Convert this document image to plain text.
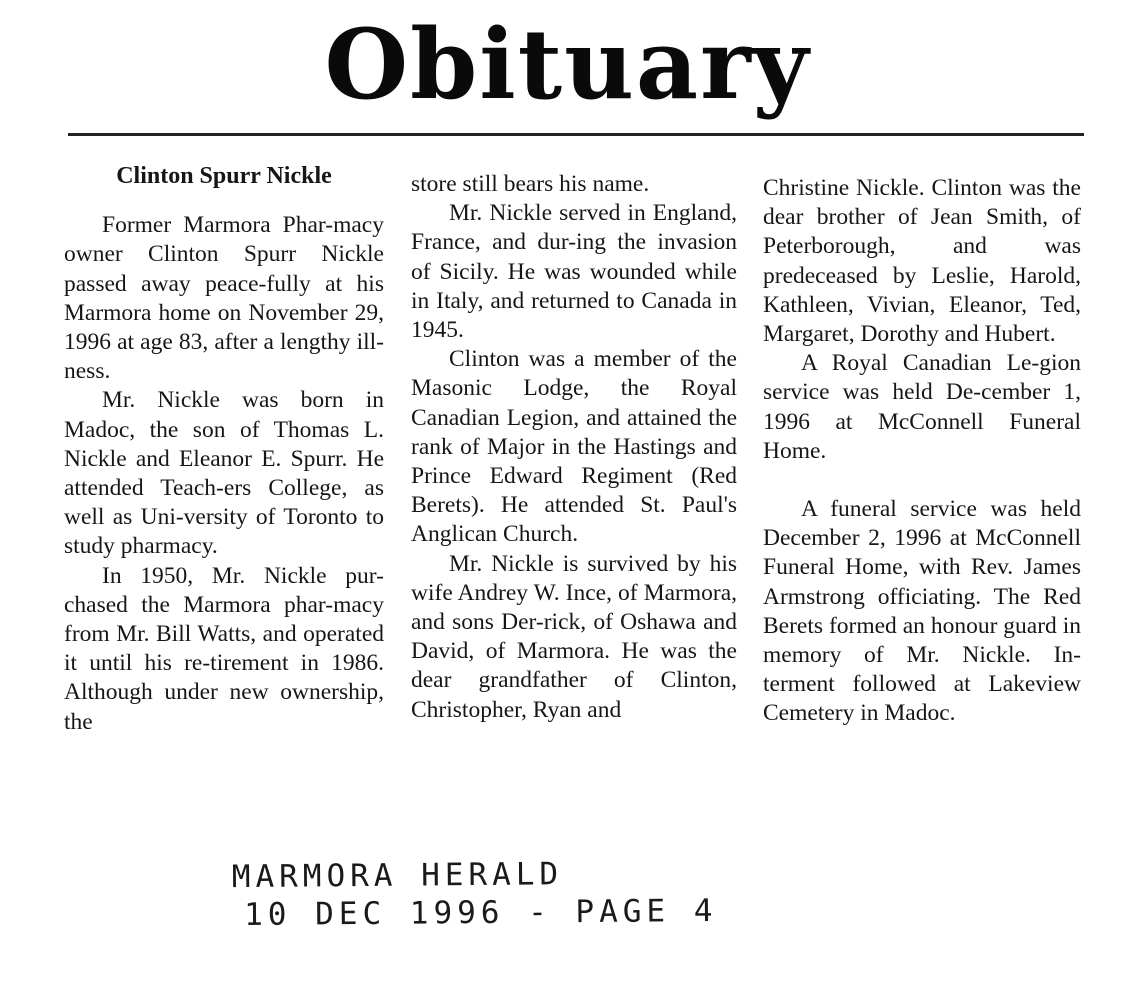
Obituary
Clinton Spurr Nickle

Former Marmora Phar-macy owner Clinton Spurr Nickle passed away peace-fully at his Marmora home on November 29, 1996 at age 83, after a lengthy ill-ness.

Mr. Nickle was born in Madoc, the son of Thomas L. Nickle and Eleanor E. Spurr. He attended Teach-ers College, as well as Uni-versity of Toronto to study pharmacy.

In 1950, Mr. Nickle pur-chased the Marmora phar-macy from Mr. Bill Watts, and operated it until his re-tirement in 1986. Although under new ownership, the

store still bears his name.

Mr. Nickle served in England, France, and dur-ing the invasion of Sicily. He was wounded while in Italy, and returned to Canada in 1945.

Clinton was a member of the Masonic Lodge, the Royal Canadian Legion, and attained the rank of Major in the Hastings and Prince Edward Regiment (Red Berets). He attended St. Paul's Anglican Church.

Mr. Nickle is survived by his wife Andrey W. Ince, of Marmora, and sons Der-rick, of Oshawa and David, of Marmora. He was the dear grandfather of Clinton, Christopher, Ryan and

Christine Nickle. Clinton was the dear brother of Jean Smith, of Peterborough, and was predeceased by Leslie, Harold, Kathleen, Vivian, Eleanor, Ted, Margaret, Dorothy and Hubert.

A Royal Canadian Le-gion service was held De-cember 1, 1996 at McConnell Funeral Home.

A funeral service was held December 2, 1996 at McConnell Funeral Home, with Rev. James Armstrong officiating. The Red Berets formed an honour guard in memory of Mr. Nickle. In-terment followed at Lakeview Cemetery in Madoc.

MARMORA HERALD
10 DEC 1996 - PAGE 4
